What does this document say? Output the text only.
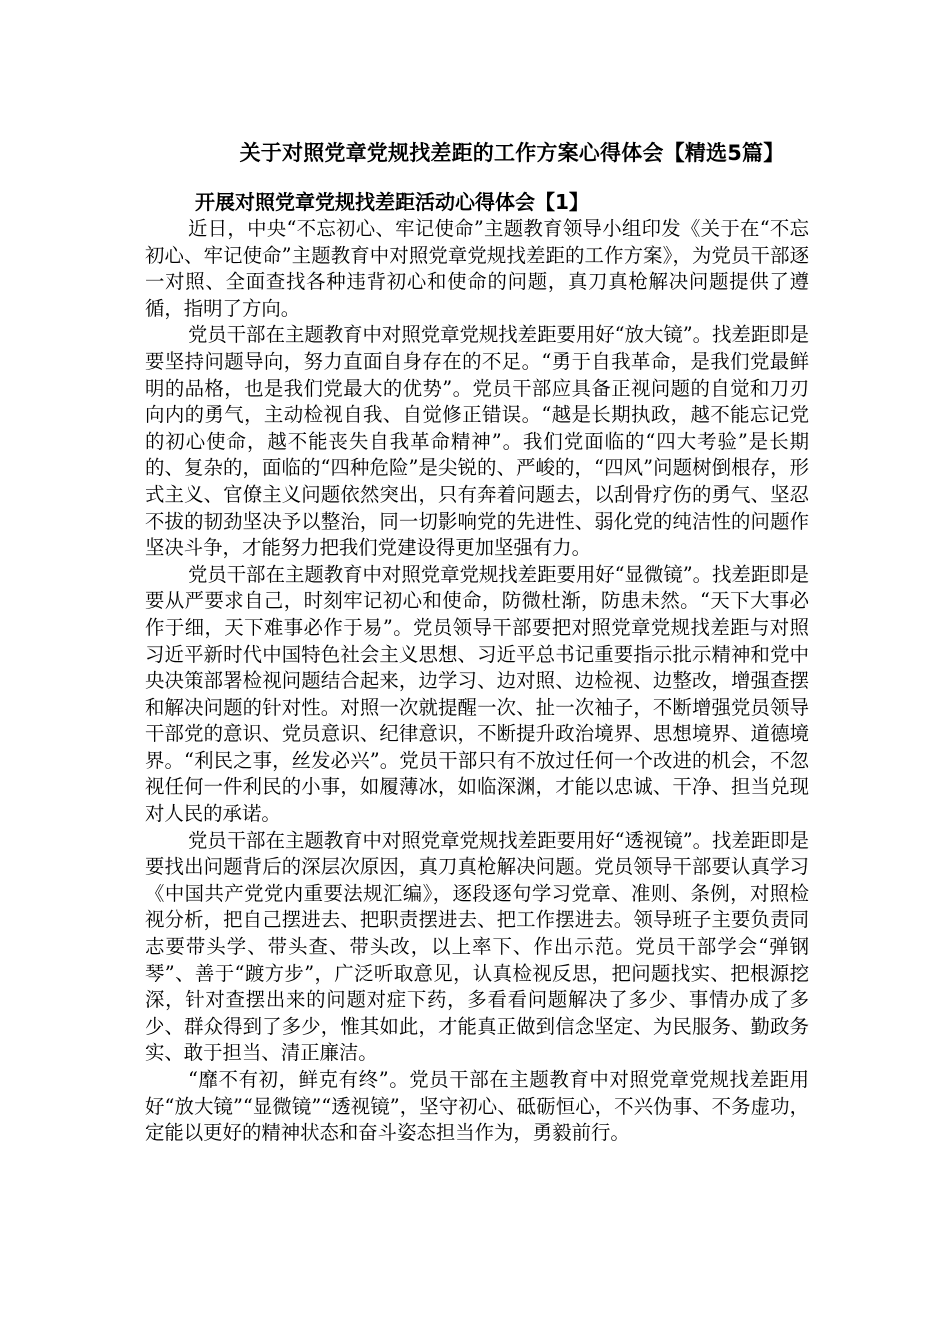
关于对照党章党规找差距的工作方案心得体会【精选5篇】
开展对照党章党规找差距活动心得体会【1】

近日，中央“不忘初心、牢记使命”主题教育领导小组印发《关于在“不忘初心、牢记使命”主题教育中对照党章党规找差距的工作方案》，为党员干部逐一对照、全面查找各种违背初心和使命的问题，真刀真枪解决问题提供了遵循，指明了方向。

党员干部在主题教育中对照党章党规找差距要用好“放大镜”。找差距即是要坚持问题导向，努力直面自身存在的不足。“勇于自我革命，是我们党最鲜明的品格，也是我们党最大的优势”。党员干部应具备正视问题的自觉和刀刃向内的勇气，主动检视自我、自觉修正错误。“越是长期执政，越不能忘记党的初心使命，越不能丧失自我革命精神”。我们党面临的“四大考验”是长期的、复杂的，面临的“四种危险”是尖锐的、严峻的，“四风”问题树倒根存，形式主义、官僚主义问题依然突出，只有奔着问题去，以刮骨疗伤的勇气、坚忍不拔的韧劲坚决予以整治，同一切影响党的先进性、弱化党的纯洁性的问题作坚决斗争，才能努力把我们党建设得更加坚强有力。

党员干部在主题教育中对照党章党规找差距要用好“显微镜”。找差距即是要从严要求自己，时刻牢记初心和使命，防微杜渐，防患未然。“天下大事必作于细，天下难事必作于易”。党员领导干部要把对照党章党规找差距与对照习近平新时代中国特色社会主义思想、习近平总书记重要指示批示精神和党中央决策部署检视问题结合起来，边学习、边对照、边检视、边整改，增强查摆和解决问题的针对性。对照一次就提醒一次、扯一次袖子，不断增强党员领导干部党的意识、党员意识、纪律意识，不断提升政治境界、思想境界、道德境界。“利民之事，丝发必兴”。党员干部只有不放过任何一个改进的机会，不忽视任何一件利民的小事，如履薄冰，如临深渊，才能以忠诚、干净、担当兑现对人民的承诺。

党员干部在主题教育中对照党章党规找差距要用好“透视镜”。找差距即是要找出问题背后的深层次原因，真刀真枪解决问题。党员领导干部要认真学习《中国共产党党内重要法规汇编》，逐段逐句学习党章、准则、条例，对照检视分析，把自己摆进去、把职责摆进去、把工作摆进去。领导班子主要负责同志要带头学、带头查、带头改，以上率下、作出示范。党员干部学会“弹钢琴”、善于“踱方步”，广泛听取意见，认真检视反思，把问题找实、把根源挖深，针对查摆出来的问题对症下药，多看看问题解决了多少、事情办成了多少、群众得到了多少，惟其如此，才能真正做到信念坚定、为民服务、勤政务实、敢于担当、清正廉洁。

“靡不有初，鲜克有终”。党员干部在主题教育中对照党章党规找差距用好“放大镜”“显微镜”“透视镜”，坚守初心、砥砺恒心，不兴伪事、不务虚功，定能以更好的精神状态和奋斗姿态担当作为，勇毅前行。
